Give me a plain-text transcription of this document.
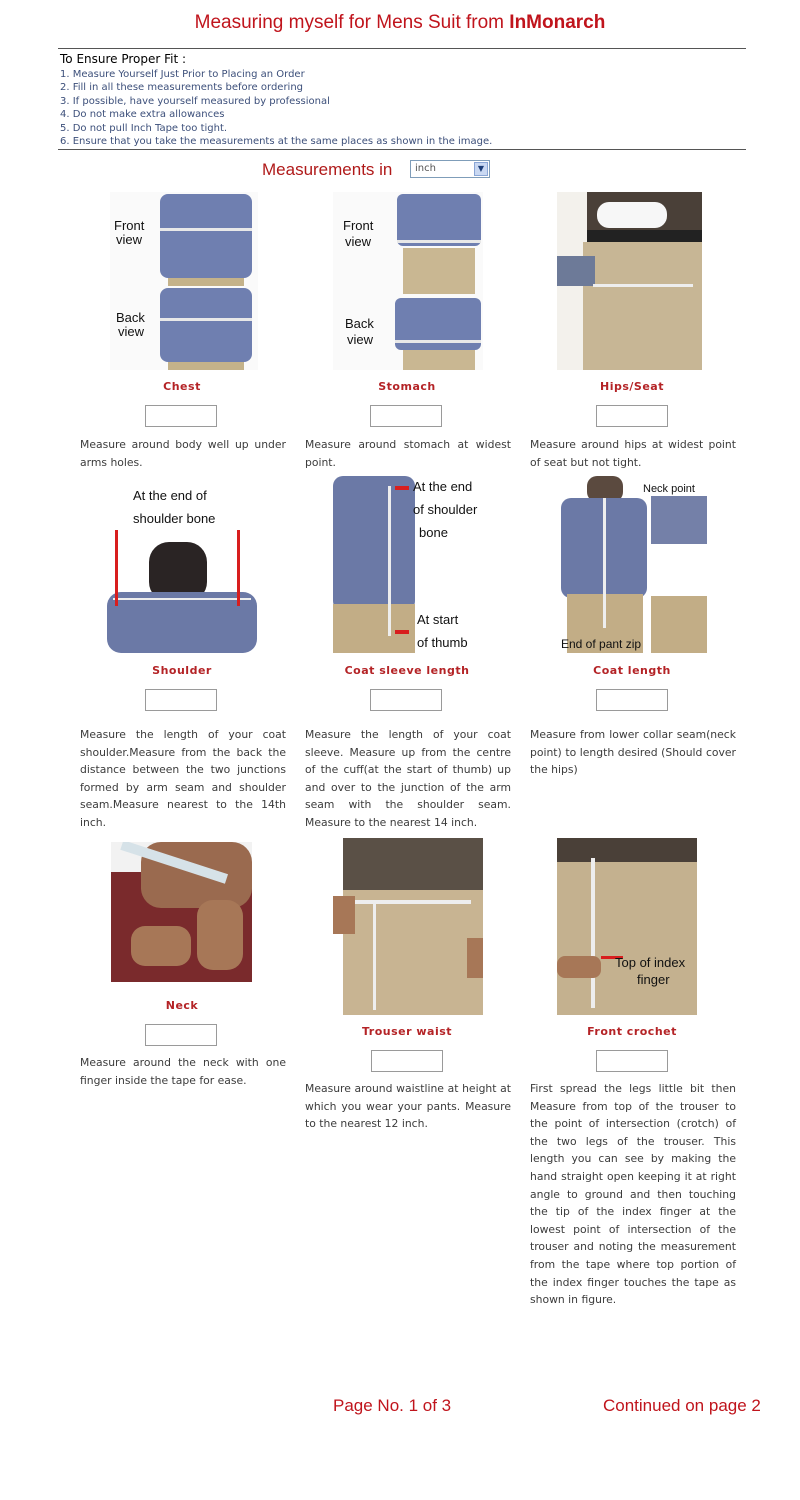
Measuring myself for Mens Suit from InMonarch
To Ensure Proper Fit :
1. Measure Yourself Just Prior to Placing an Order
2. Fill in all these measurements before ordering
3. If possible, have yourself measured by professional
4. Do not make extra allowances
5. Do not pull Inch Tape too tight.
6. Ensure that you take the measurements at the same places as shown in the image.
Measurements in inch	▼
Front
view
Back
view
Front
view
Back
view
Chest	Stomach	Hips/Seat

Measure around body well up under arms holes.

Measure around stomach at widest point.

Measure around hips at widest point of seat but not tight.

At the end of
shoulder bone
At the end
of shoulder
bone
At start
of thumb
Neck point
End of pant zip
Shoulder	Coat sleeve length	Coat length

Measure the length of your coat shoulder.Measure from the back the distance between the two junctions formed by arm seam and shoulder seam.Measure nearest to the 14th inch.

Measure the length of your coat sleeve. Measure up from the centre of the cuff(at the start of thumb) up and over to the junction of the arm seam with the shoulder seam. Measure to the nearest 14 inch.

Measure from lower collar seam(neck point) to length desired (Should cover the hips)

Top of index
finger
Neck
Trouser waist	Front crochet

Measure around the neck with one finger inside the tape for ease.

Measure around waistline at height at which you wear your pants. Measure to the nearest 12 inch.

First spread the legs little bit then Measure from top of the trouser to the point of intersection (crotch) of the two legs of the trouser. This length you can see by making the hand straight open keeping it at right angle to ground and then touching the tip of the index finger at the lowest point of intersection of the trouser and noting the measurement from the tape where top portion of the index finger touches the tape as shown in figure.

Page No. 1 of 3	Continued on page 2
